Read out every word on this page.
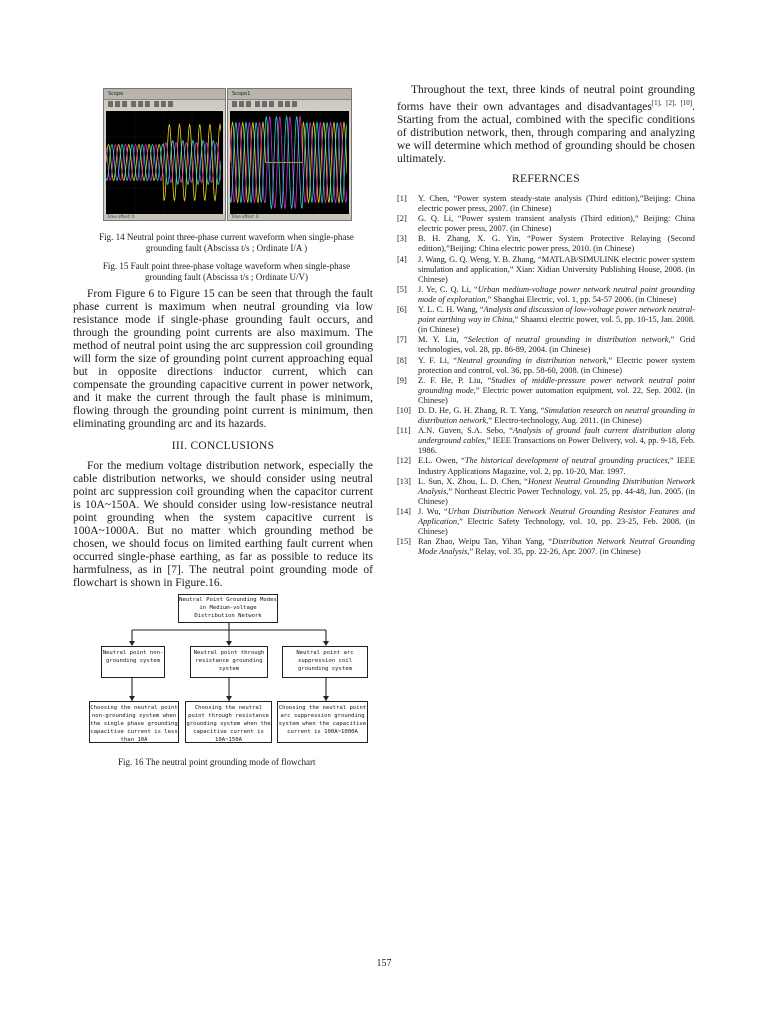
Scope
Time offset: 0
Scope1
Time offset: 0
Fig. 14 Neutral point three-phase current waveform when single-phase grounding fault (Abscissa t/s ; Ordinate I/A )
Fig. 15 Fault point three-phase voltage waveform when single-phase grounding fault (Abscissa t/s ; Ordinate U/V)

From Figure 6 to Figure 15 can be seen that through the fault phase current is maximum when neutral grounding via low resistance mode if single-phase grounding fault occurs, and through the grounding point currents are also maximum. The method of neutral point using the arc suppression coil grounding will form the size of grounding point current approaching equal but in opposite directions inductor current, which can compensate the grounding capacitive current in power network, and it make the current through the fault phase is minimum, flowing through the grounding point current is minimum, then eliminating grounding arc and its hazards.

III. CONCLUSIONS

For the medium voltage distribution network, especially the cable distribution networks, we should consider using neutral point arc suppression coil grounding when the capacitor current is 10A~150A. We should consider using low-resistance neutral point grounding when the system capacitive current is 100A~1000A. But no matter which grounding method be chosen, we should focus on limited earthing fault current when occurred single-phase earthing, as far as possible to reduce its harmfulness, as in [7]. The neutral point grounding mode of flowchart is shown in Figure.16.

Neutral Point Grounding Modes in Medium-voltage Distribution Network
Neutral point non-grounding system
Neutral point through resistance grounding system
Neutral point arc suppression coil grounding system
Choosing the neutral point non-grounding system when the single phase grounding capacitive current is less than 10A
Choosing the neutral point through resistance grounding system when the capacitive current is 10A~150A
Choosing the neutral point arc suppression grounding system when the capacitive current is 100A~1000A
Fig. 16 The neutral point grounding mode of flowchart

Throughout the text, three kinds of neutral point grounding forms have their own advantages and disadvantages[1], [2], [10]. Starting from the actual, combined with the specific conditions of distribution network, then, through comparing and analyzing we will determine which method of grounding should be chosen ultimately.

REFERNCES
[1]	Y. Chen, “Power system steady-state analysis (Third edition),”Beijing: China electric power press, 2007. (in Chinese)
[2]	G. Q. Li, “Power system transient analysis (Third edition),” Beijing: China electric power press, 2007. (in Chinese)
[3]	B. H. Zhang, X. G. Yin, “Power System Protective Relaying (Second edition),”Beijing: China electric power press, 2010. (in Chinese)
[4]	J. Wang, G. Q. Weng, Y. B. Zhang, “MATLAB/SIMULINK electric power system simulation and application,” Xian: Xidian University Publishing House, 2008. (in Chinese)
[5]	J. Ye, C. Q. Li, “Urban medium-voltage power network neutral point grounding mode of exploration,” Shanghai Electric, vol. 1, pp. 54-57 2006. (in Chinese)
[6]	Y. L. C. H. Wang, “Analysis and discussion of low-voltage power network neutral-point earthing way in China,” Shaanxi electric power, vol. 5, pp. 10-15, Jan. 2008. (in Chinese)
[7]	M. Y. Liu, “Selection of neutral grounding in distribution network,” Grid technologies, vol. 28, pp. 86-89, 2004. (in Chinese)
[8]	Y. F. Li, “Neutral grounding in distribution network,” Electric power system protection and control, vol. 36, pp. 58-60, 2008. (in Chinese)
[9]	Z. F. He, P. Liu, “Studies of middle-pressure power network neutral point grounding mode,” Electric power automation equipment, vol. 22, Sep. 2002. (in Chinese)
[10] D. D. He, G. H. Zhang, R. T. Yang, “Simulation research on neutral grounding in distribution network,” Electro-technology, Aug. 2011. (in Chinese)
[11] A.N. Guven, S.A. Sebo, “Analysis of ground fault current distribution along underground cables,” IEEE Transactions on Power Delivery, vol. 4, pp. 9-18, Feb. 1986.
[12] E.L. Owen, “The historical development of neutral grounding practices,” IEEE Industry Applications Magazine, vol. 2, pp. 10-20, Mar. 1997.
[13] L. Sun, X. Zhou, L. D. Chen, “Honest Neutral Grounding Distribution Network Analysis,” Northeast Electric Power Technology, vol. 25, pp. 44-48, Jun. 2005. (in Chinese)
[14] J. Wu, “Urban Distribution Network Neutral Grounding Resistor Features and Application,” Electric Safety Technology, vol. 10, pp. 23-25, Feb. 2008. (in Chinese)
[15] Ran Zhao, Weipu Tan, Yihan Yang, “Distribution Network Neutral Grounding Mode Analysis,” Relay, vol. 35, pp. 22-26, Apr. 2007. (in Chinese)
157
